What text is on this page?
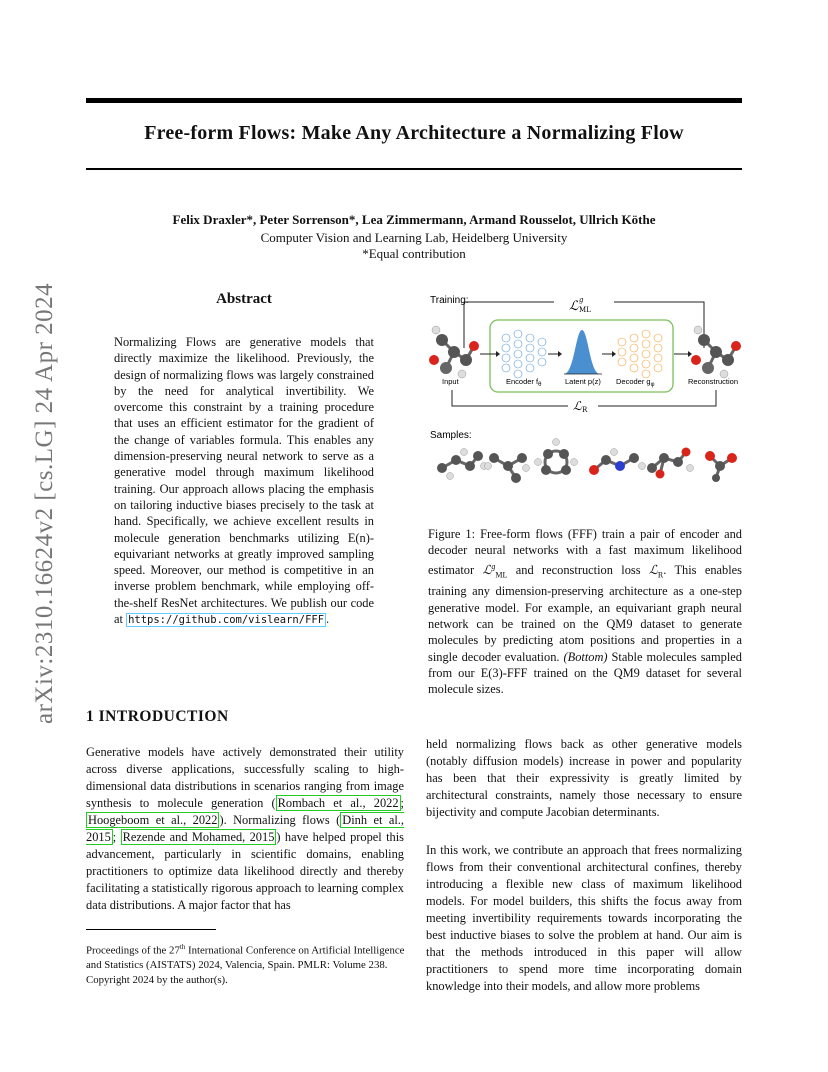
arXiv:2310.16624v2 [cs.LG] 24 Apr 2024
Free-form Flows: Make Any Architecture a Normalizing Flow
Felix Draxler*, Peter Sorrenson*, Lea Zimmermann, Armand Rousselot, Ullrich Köthe
Computer Vision and Learning Lab, Heidelberg University
*Equal contribution
Abstract
Normalizing Flows are generative models that directly maximize the likelihood. Previously, the design of normalizing flows was largely constrained by the need for analytical invertibility. We overcome this constraint by a training procedure that uses an efficient estimator for the gradient of the change of variables formula. This enables any dimension-preserving neural network to serve as a generative model through maximum likelihood training. Our approach allows placing the emphasis on tailoring inductive biases precisely to the task at hand. Specifically, we achieve excellent results in molecule generation benchmarks utilizing E(n)-equivariant networks at greatly improved sampling speed. Moreover, our method is competitive in an inverse problem benchmark, while employing off-the-shelf ResNet architectures. We publish our code at https://github.com/vislearn/FFF .
Training:	ℒ g
ML
Input	Encoder $f_\theta$	Latent p(z) Decoder $g_\varphi$	Reconstruction
ℒ R
Samples:
Figure 1: Free-form flows (FFF) train a pair of encoder and decoder neural networks with a fast maximum likelihood estimator ℒ$^g_{ML}$ and reconstruction loss ℒ$_R$. This enables training any dimension-preserving architecture as a one-step generative model. For example, an equivariant graph neural network can be trained on the QM9 dataset to generate molecules by predicting atom positions and properties in a single decoder evaluation. (Bottom) Stable molecules sampled from our E(3)-FFF trained on the QM9 dataset for several molecule sizes.
1 INTRODUCTION
Generative models have actively demonstrated their utility across diverse applications, successfully scaling to high-dimensional data distributions in scenarios ranging from image synthesis to molecule generation ( Rombach et al., 2022 ; Hoogeboom et al., 2022 ). Normalizing flows ( Dinh et al., 2015 ; Rezende and Mohamed, 2015 ) have helped propel this advancement, particularly in scientific domains, enabling practitioners to optimize data likelihood directly and thereby facilitating a statistically rigorous approach to learning complex data distributions. A major factor that has
Proceedings of the 27th International Conference on Artificial Intelligence and Statistics (AISTATS) 2024, Valencia, Spain. PMLR: Volume 238. Copyright 2024 by the author(s).
held normalizing flows back as other generative models (notably diffusion models) increase in power and popularity has been that their expressivity is greatly limited by architectural constraints, namely those necessary to ensure bijectivity and compute Jacobian determinants.
In this work, we contribute an approach that frees normalizing flows from their conventional architectural confines, thereby introducing a flexible new class of maximum likelihood models. For model builders, this shifts the focus away from meeting invertibility requirements towards incorporating the best inductive biases to solve the problem at hand. Our aim is that the methods introduced in this paper will allow practitioners to spend more time incorporating domain knowledge into their models, and allow more problems
